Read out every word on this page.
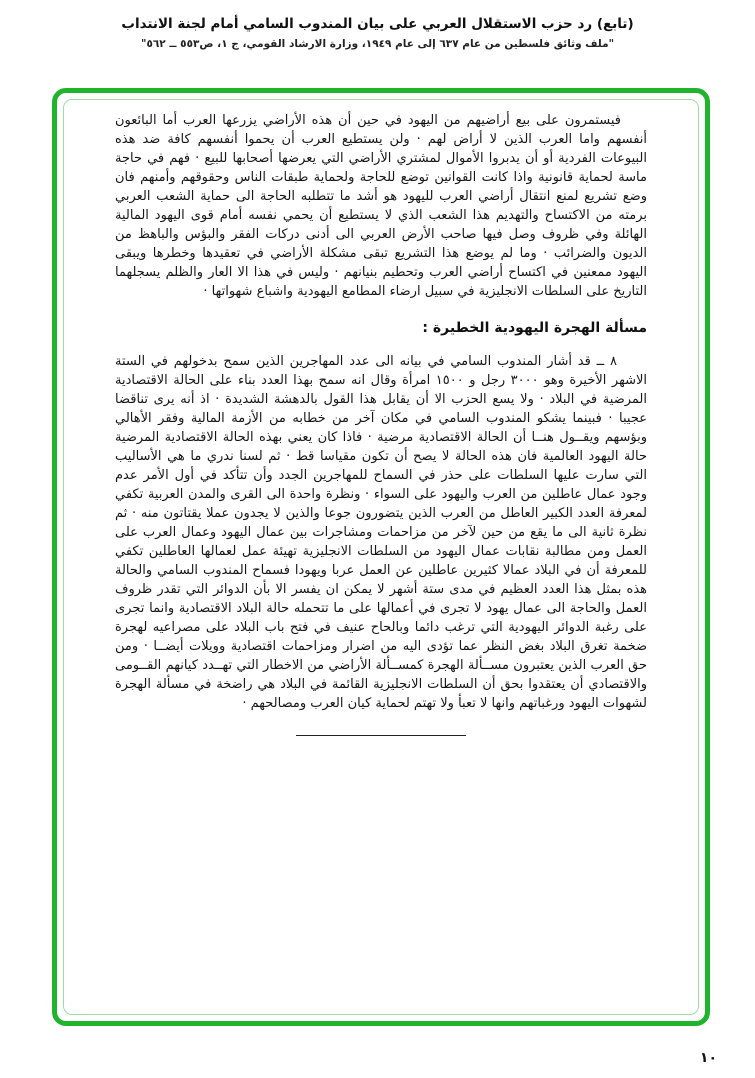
(تابع) رد حزب الاستقلال العربي على بيان المندوب السامي أمام لجنة الانتداب
"ملف وثائق فلسطين من عام ٦٣٧ إلى عام ١٩٤٩، وزارة الارشاد القومي، ج ١، ص٥٥٣ ــ ٥٦٢"

فيستمرون على بيع أراضيهم من اليهود في حين أن هذه الأراضي يزرعها العرب أما البائعون أنفسهم واما العرب الذين لا أراض لهم · ولن يستطيع العرب أن يحموا أنفسهم كافة ضد هذه البيوعات الفردية أو أن يدبروا الأموال لمشتري الأراضي التي يعرضها أصحابها للبيع · فهم في حاجة ماسة لحماية قانونية واذا كانت القوانين توضع للحاجة ولحماية طبقات الناس وحقوقهم وأمنهم فان وضع تشريع لمنع انتقال أراضي العرب لليهود هو أشد ما تتطلبه الحاجة الى حماية الشعب العربي برمته من الاكتساح والتهديم هذا الشعب الذي لا يستطيع أن يحمي نفسه أمام قوى اليهود المالية الهائلة وفي ظروف وصل فيها صاحب الأرض العربي الى أدنى دركات الفقر والبؤس والباهظ من الديون والضرائب · وما لم يوضع هذا التشريع تبقى مشكلة الأراضي في تعقيدها وخطرها ويبقى اليهود ممعنين في اكتساح أراضي العرب وتحطيم بنيانهم · وليس في هذا الا العار والظلم يسجلهما التاريخ على السلطات الانجليزية في سبيل ارضاء المطامع اليهودية واشباع شهواتها ·

مسألة الهجرة اليهودية الخطيرة :

٨ ــ قد أشار المندوب السامي في بيانه الى عدد المهاجرين الذين سمح بدخولهم في الستة الاشهر الأخيرة وهو ٣٠٠٠ رجل و ١٥٠٠ امرأة وقال انه سمح بهذا العدد بناء على الحالة الاقتصادية المرضية في البلاد · ولا يسع الحزب الا أن يقابل هذا القول بالدهشة الشديدة · اذ أنه يرى تناقضا عجيبا · فبينما يشكو المندوب السامي في مكان آخر من خطابه من الأزمة المالية وفقر الأهالي وبؤسهم ويقــول هنــا أن الحالة الاقتصادية مرضية · فاذا كان يعني بهذه الحالة الاقتصادية المرضية حالة اليهود العالمية فان هذه الحالة لا يصح أن تكون مقياسا قط · ثم لسنا ندري ما هي الأساليب التي سارت عليها السلطات على حذر في السماح للمهاجرين الجدد وأن تتأكد في أول الأمر عدم وجود عمال عاطلين من العرب واليهود على السواء · ونظرة واحدة الى القرى والمدن العربية تكفي لمعرفة العدد الكبير العاطل من العرب الذين يتضورون جوعا والذين لا يجدون عملا يقتاتون منه · ثم نظرة ثانية الى ما يقع من حين لآخر من مزاحمات ومشاجرات بين عمال اليهود وعمال العرب على العمل ومن مطالبة نقابات عمال اليهود من السلطات الانجليزية تهيئة عمل لعمالها العاطلين تكفي للمعرفة أن في البلاد عمالا كثيرين عاطلين عن العمل عربا ويهودا فسماح المندوب السامي والحالة هذه بمثل هذا العدد العظيم في مدى ستة أشهر لا يمكن ان يفسر الا بأن الدوائر التي تقدر ظروف العمل والحاجة الى عمال يهود لا تجرى في أعمالها على ما تتحمله حالة البلاد الاقتصادية وانما تجرى على رغبة الدوائر اليهودية التي ترغب دائما وبالحاح عنيف في فتح باب البلاد على مصراعيه لهجرة ضخمة تغرق البلاد بغض النظر عما تؤدى اليه من اضرار ومزاحمات اقتصادية وويلات أيضــا · ومن حق العرب الذين يعتبرون مســألة الهجرة كمســألة الأراضي من الاخطار التي تهــدد كيانهم القــومى والاقتصادي أن يعتقدوا بحق أن السلطات الانجليزية القائمة في البلاد هي راضخة في مسألة الهجرة لشهوات اليهود ورغباتهم وانها لا تعبأ ولا تهتم لحماية كيان العرب ومصالحهم ·

١٠
